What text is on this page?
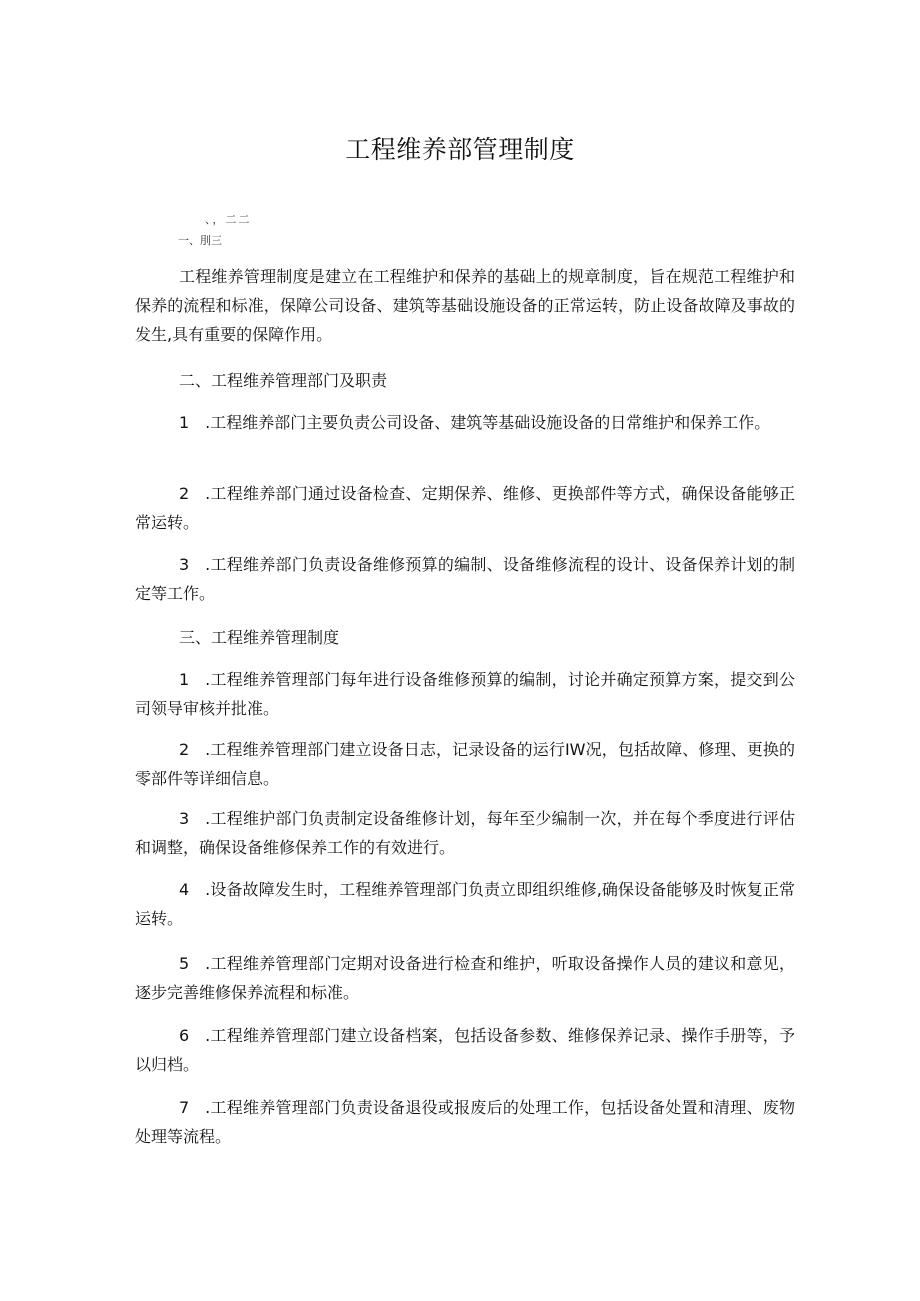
工程维养部管理制度
、，二二
一、刖三

工程维养管理制度是建立在工程维护和保养的基础上的规章制度，旨在规范工程维护和保养的流程和标准，保障公司设备、建筑等基础设施设备的正常运转，防止设备故障及事故的发生,具有重要的保障作用。

二、工程维养管理部门及职责

1 .工程维养部门主要负责公司设备、建筑等基础设施设备的日常维护和保养工作。

2 .工程维养部门通过设备检查、定期保养、维修、更换部件等方式，确保设备能够正常运转。

3 .工程维养部门负责设备维修预算的编制、设备维修流程的设计、设备保养计划的制定等工作。

三、工程维养管理制度

1 .工程维养管理部门每年进行设备维修预算的编制，讨论并确定预算方案，提交到公司领导审核并批准。

2 .工程维养管理部门建立设备日志，记录设备的运行IW况，包括故障、修理、更换的零部件等详细信息。

3 .工程维护部门负责制定设备维修计划，每年至少编制一次，并在每个季度进行评估和调整，确保设备维修保养工作的有效进行。

4 .设备故障发生时，工程维养管理部门负责立即组织维修,确保设备能够及时恢复正常运转。

5 .工程维养管理部门定期对设备进行检查和维护，听取设备操作人员的建议和意见，逐步完善维修保养流程和标准。

6 .工程维养管理部门建立设备档案，包括设备参数、维修保养记录、操作手册等，予以归档。

7 .工程维养管理部门负责设备退役或报废后的处理工作，包括设备处置和清理、废物处理等流程。
